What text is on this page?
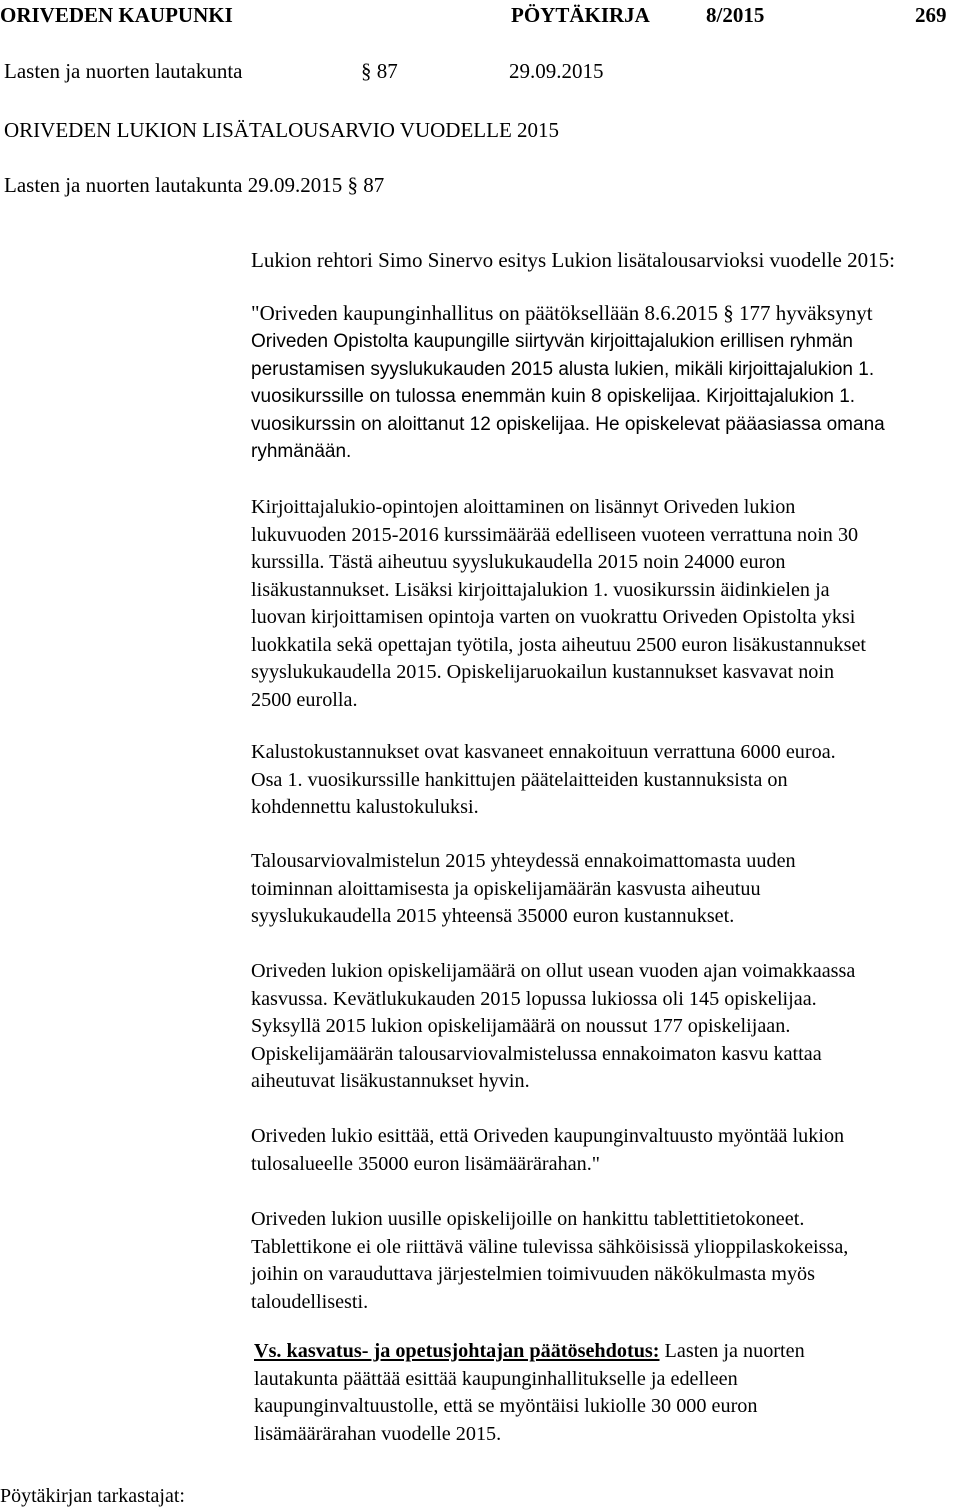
ORIVEDEN KAUPUNKI	PÖYTÄKIRJA	8/2015	269
Lasten ja nuorten lautakunta	§ 87	29.09.2015
ORIVEDEN LUKION LISÄTALOUSARVIO VUODELLE 2015
Lasten ja nuorten lautakunta 29.09.2015 § 87
Lukion rehtori Simo Sinervo esitys Lukion lisätalousarvioksi vuodelle 2015:
"Oriveden kaupunginhallitus on päätöksellään 8.6.2015 § 177 hyväksynyt

Oriveden Opistolta kaupungille siirtyvän kirjoittajalukion erillisen ryhmän

perustamisen syyslukukauden 2015 alusta lukien, mikäli kirjoittajalukion 1.

vuosikurssille on tulossa enemmän kuin 8 opiskelijaa. Kirjoittajalukion 1.

vuosikurssin on aloittanut 12 opiskelijaa. He opiskelevat pääasiassa omana

ryhmänään.

Kirjoittajalukio-opintojen aloittaminen on lisännyt Oriveden lukion

lukuvuoden 2015-2016 kurssimäärää edelliseen vuoteen verrattuna noin 30

kurssilla. Tästä aiheutuu syyslukukaudella 2015 noin 24000 euron

lisäkustannukset. Lisäksi kirjoittajalukion 1. vuosikurssin äidinkielen ja

luovan kirjoittamisen opintoja varten on vuokrattu Oriveden Opistolta yksi

luokkatila sekä opettajan työtila, josta aiheutuu 2500 euron lisäkustannukset

syyslukukaudella 2015. Opiskelijaruokailun kustannukset kasvavat noin

2500 eurolla.

Kalustokustannukset ovat kasvaneet ennakoituun verrattuna 6000 euroa.

Osa 1. vuosikurssille hankittujen päätelaitteiden kustannuksista on

kohdennettu kalustokuluksi.

Talousarviovalmistelun 2015 yhteydessä ennakoimattomasta uuden

toiminnan aloittamisesta ja opiskelijamäärän kasvusta aiheutuu

syyslukukaudella 2015 yhteensä 35000 euron kustannukset.

Oriveden lukion opiskelijamäärä on ollut usean vuoden ajan voimakkaassa

kasvussa. Kevätlukukauden 2015 lopussa lukiossa oli 145 opiskelijaa.

Syksyllä 2015 lukion opiskelijamäärä on noussut 177 opiskelijaan.

Opiskelijamäärän talousarviovalmistelussa ennakoimaton kasvu kattaa

aiheutuvat lisäkustannukset hyvin.

Oriveden lukio esittää, että Oriveden kaupunginvaltuusto myöntää lukion

tulosalueelle 35000 euron lisämäärärahan."

Oriveden lukion uusille opiskelijoille on hankittu tablettitietokoneet.

Tablettikone ei ole riittävä väline tulevissa sähköisissä ylioppilaskokeissa,

joihin on varauduttava järjestelmien toimivuuden näkökulmasta myös

taloudellisesti.

Vs. kasvatus- ja opetusjohtajan päätösehdotus: Lasten ja nuorten

lautakunta päättää esittää kaupunginhallitukselle ja edelleen

kaupunginvaltuustolle, että se myöntäisi lukiolle 30 000 euron

lisämäärärahan vuodelle 2015.

Pöytäkirjan tarkastajat:
